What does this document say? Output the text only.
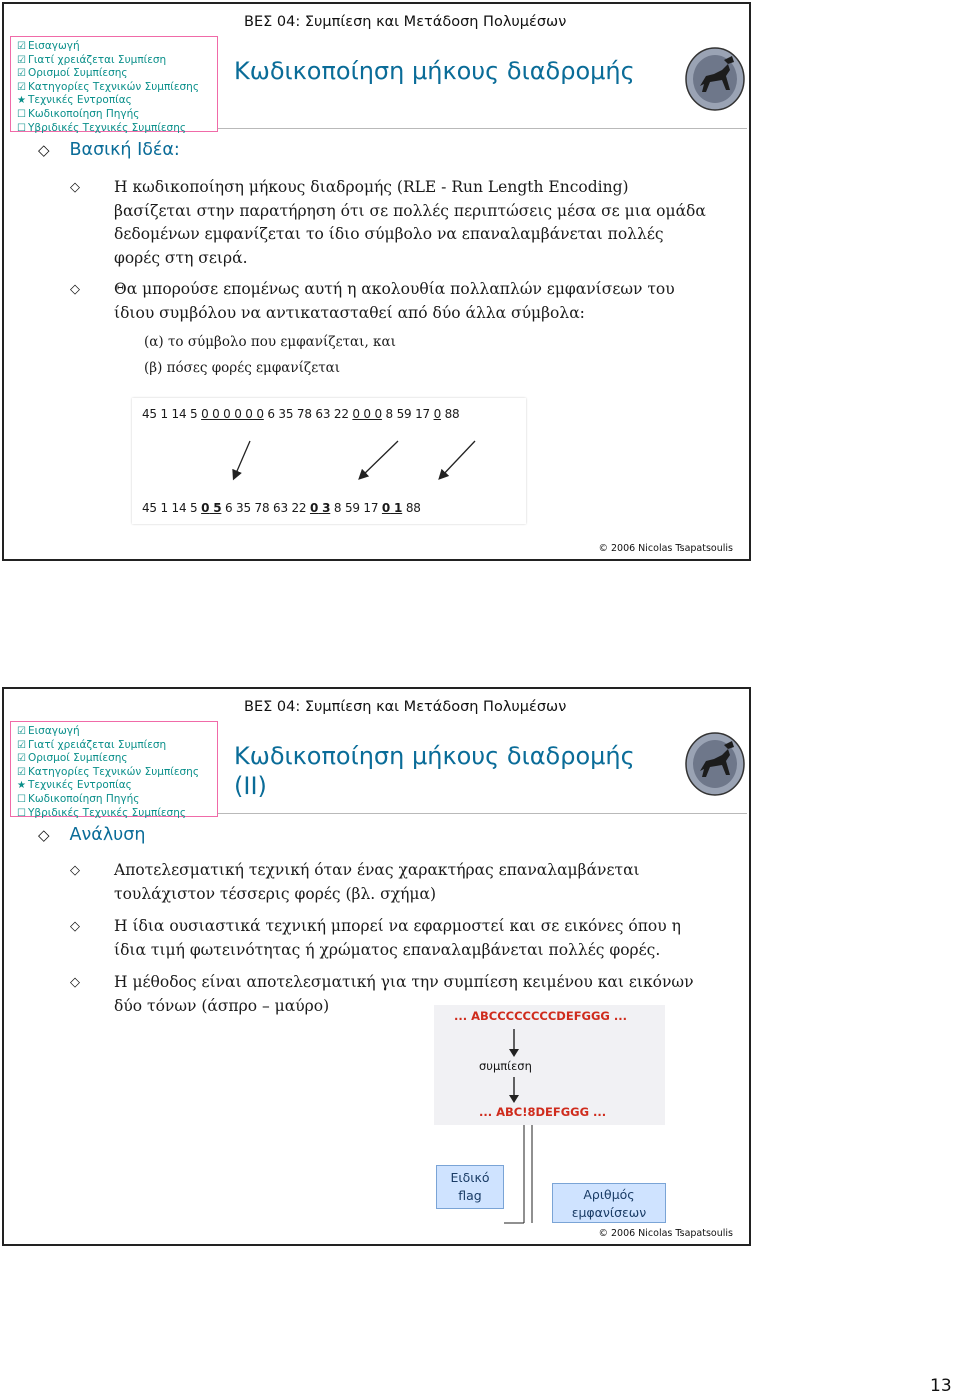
☑ Εισαγωγή
☑ Γιατί χρειάζεται Συμπίεση
☑ Ορισμοί Συμπίεσης
☑ Κατηγορίες Τεχνικών Συμπίεσης
★ Τεχνικές Εντροπίας
☐ Κωδικοποίηση Πηγής
☐ Υβριδικές Τεχνικές Συμπίεσης
ΒΕΣ 04: Συμπίεση και Μετάδοση Πολυμέσων
Κωδικοποίηση μήκους διαδρομής
◇ Βασική Ιδέα:
◇ Η κωδικοποίηση μήκους διαδρομής (RLE - Run Length Encoding)
βασίζεται στην παρατήρηση ότι σε πολλές περιπτώσεις μέσα σε μια ομάδα
δεδομένων εμφανίζεται το ίδιο σύμβολο να επαναλαμβάνεται πολλές
φορές στη σειρά.
◇ Θα μπορούσε επομένως αυτή η ακολουθία πολλαπλών εμφανίσεων του
ίδιου συμβόλου να αντικατασταθεί από δύο άλλα σύμβολα:
(α) το σύμβολο που εμφανίζεται, και
(β) πόσες φορές εμφανίζεται
45 1 14 5 0 0 0 0 0 0 6 35 78 63 22 0 0 0 8 59 17 0 88
45 1 14 5 0 5 6 35 78 63 22 0 3 8 59 17 0 1 88
© 2006 Nicolas Tsapatsoulis
☑ Εισαγωγή
☑ Γιατί χρειάζεται Συμπίεση
☑ Ορισμοί Συμπίεσης
☑ Κατηγορίες Τεχνικών Συμπίεσης
★ Τεχνικές Εντροπίας
☐ Κωδικοποίηση Πηγής
☐ Υβριδικές Τεχνικές Συμπίεσης
ΒΕΣ 04: Συμπίεση και Μετάδοση Πολυμέσων
Κωδικοποίηση μήκους διαδρομής
(ΙΙ)
◇ Ανάλυση
◇ Αποτελεσματική τεχνική όταν ένας χαρακτήρας επαναλαμβάνεται
τουλάχιστον τέσσερις φορές (βλ. σχήμα)
◇ Η ίδια ουσιαστικά τεχνική μπορεί να εφαρμοστεί και σε εικόνες όπου η
ίδια τιμή φωτεινότητας ή χρώματος επαναλαμβάνεται πολλές φορές.
◇ Η μέθοδος είναι αποτελεσματική για την συμπίεση κειμένου και εικόνων
δύο τόνων (άσπρο – μαύρο)
... ABCCCCCCCCDEFGGG ...
συμπίεση
... ABC!8DEFGGG ...
Ειδικό
flag	Αριθμός
εμφανίσεων
© 2006 Nicolas Tsapatsoulis
13
